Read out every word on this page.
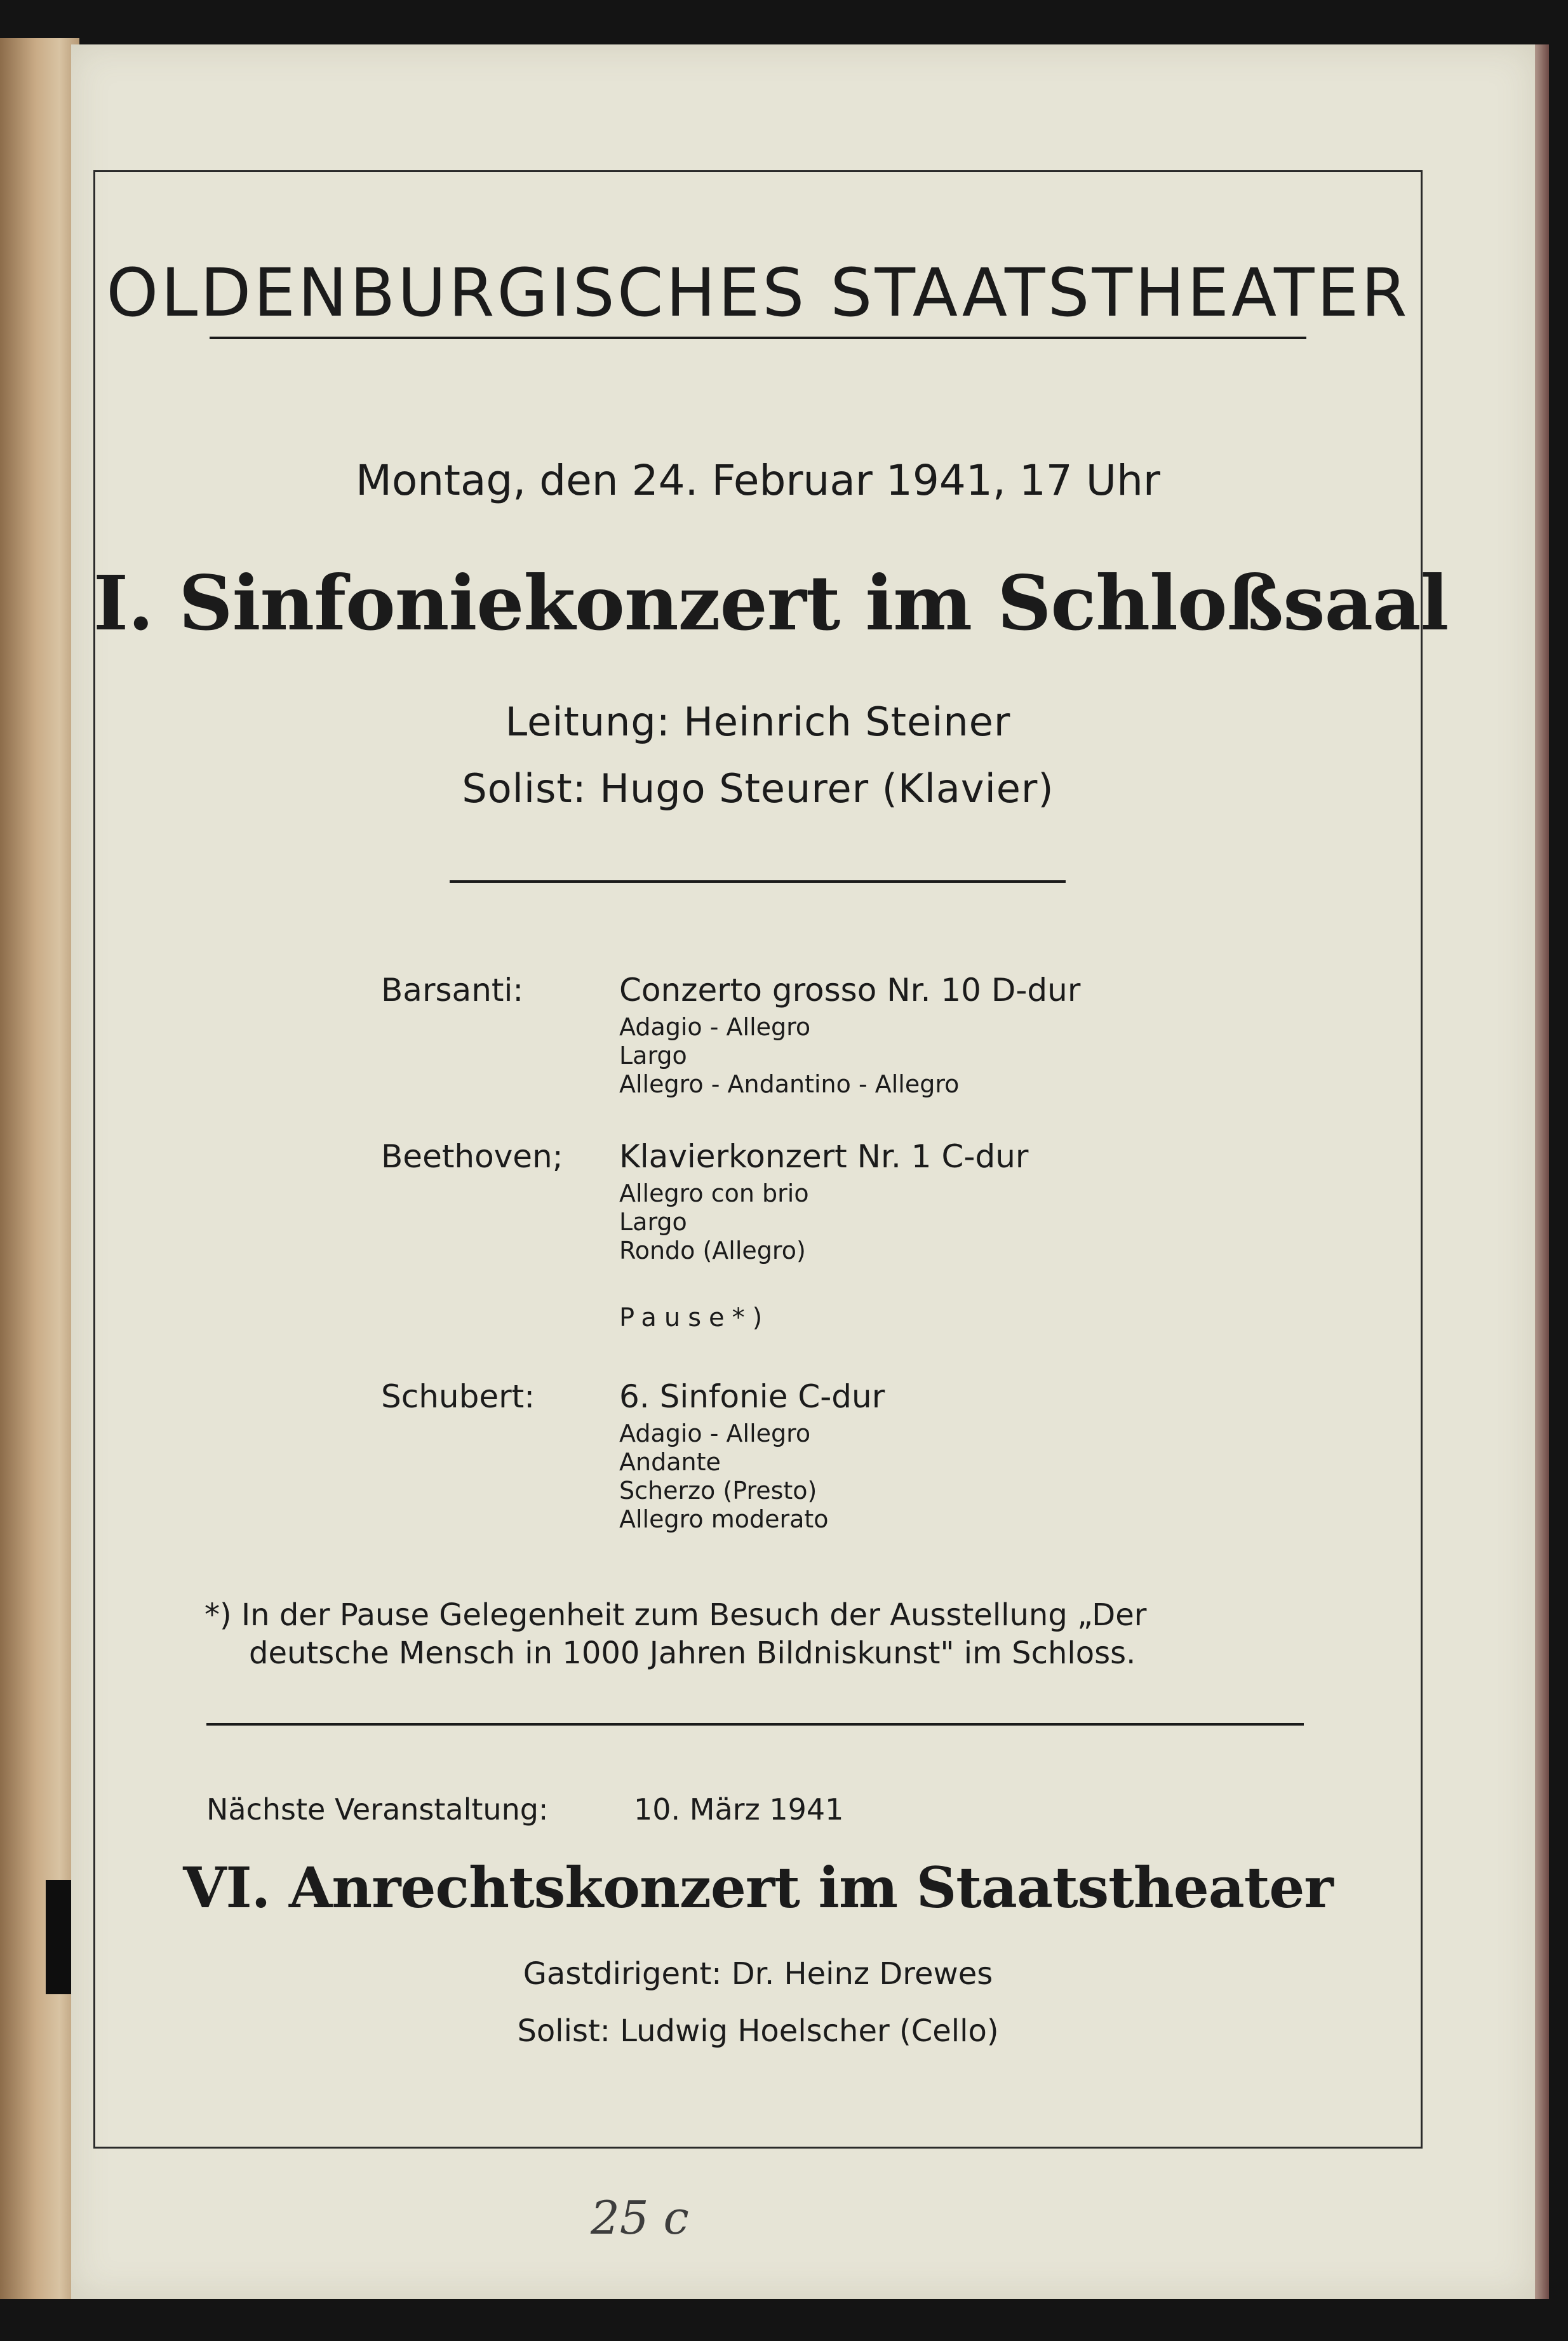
OLDENBURGISCHES STAATSTHEATER
Montag, den 24. Februar 1941, 17 Uhr
I. Sinfoniekonzert im Schloßsaal
Leitung: Heinrich Steiner
Solist: Hugo Steurer (Klavier)
Barsanti:	Conzerto grosso Nr. 10 D-dur
Adagio - Allegro
Largo
Allegro - Andantino - Allegro
Beethoven; Klavierkonzert Nr. 1 C-dur
Allegro con brio
Largo
Rondo (Allegro)
Pause*)
Schubert:	6. Sinfonie C-dur
Adagio - Allegro
Andante
Scherzo (Presto)
Allegro moderato
*) In der Pause Gelegenheit zum Besuch der Ausstellung „Der
deutsche Mensch in 1000 Jahren Bildniskunst" im Schloss.
Nächste Veranstaltung:	10. März 1941
VI. Anrechtskonzert im Staatstheater
Gastdirigent: Dr. Heinz Drewes
Solist: Ludwig Hoelscher (Cello)
25 c
